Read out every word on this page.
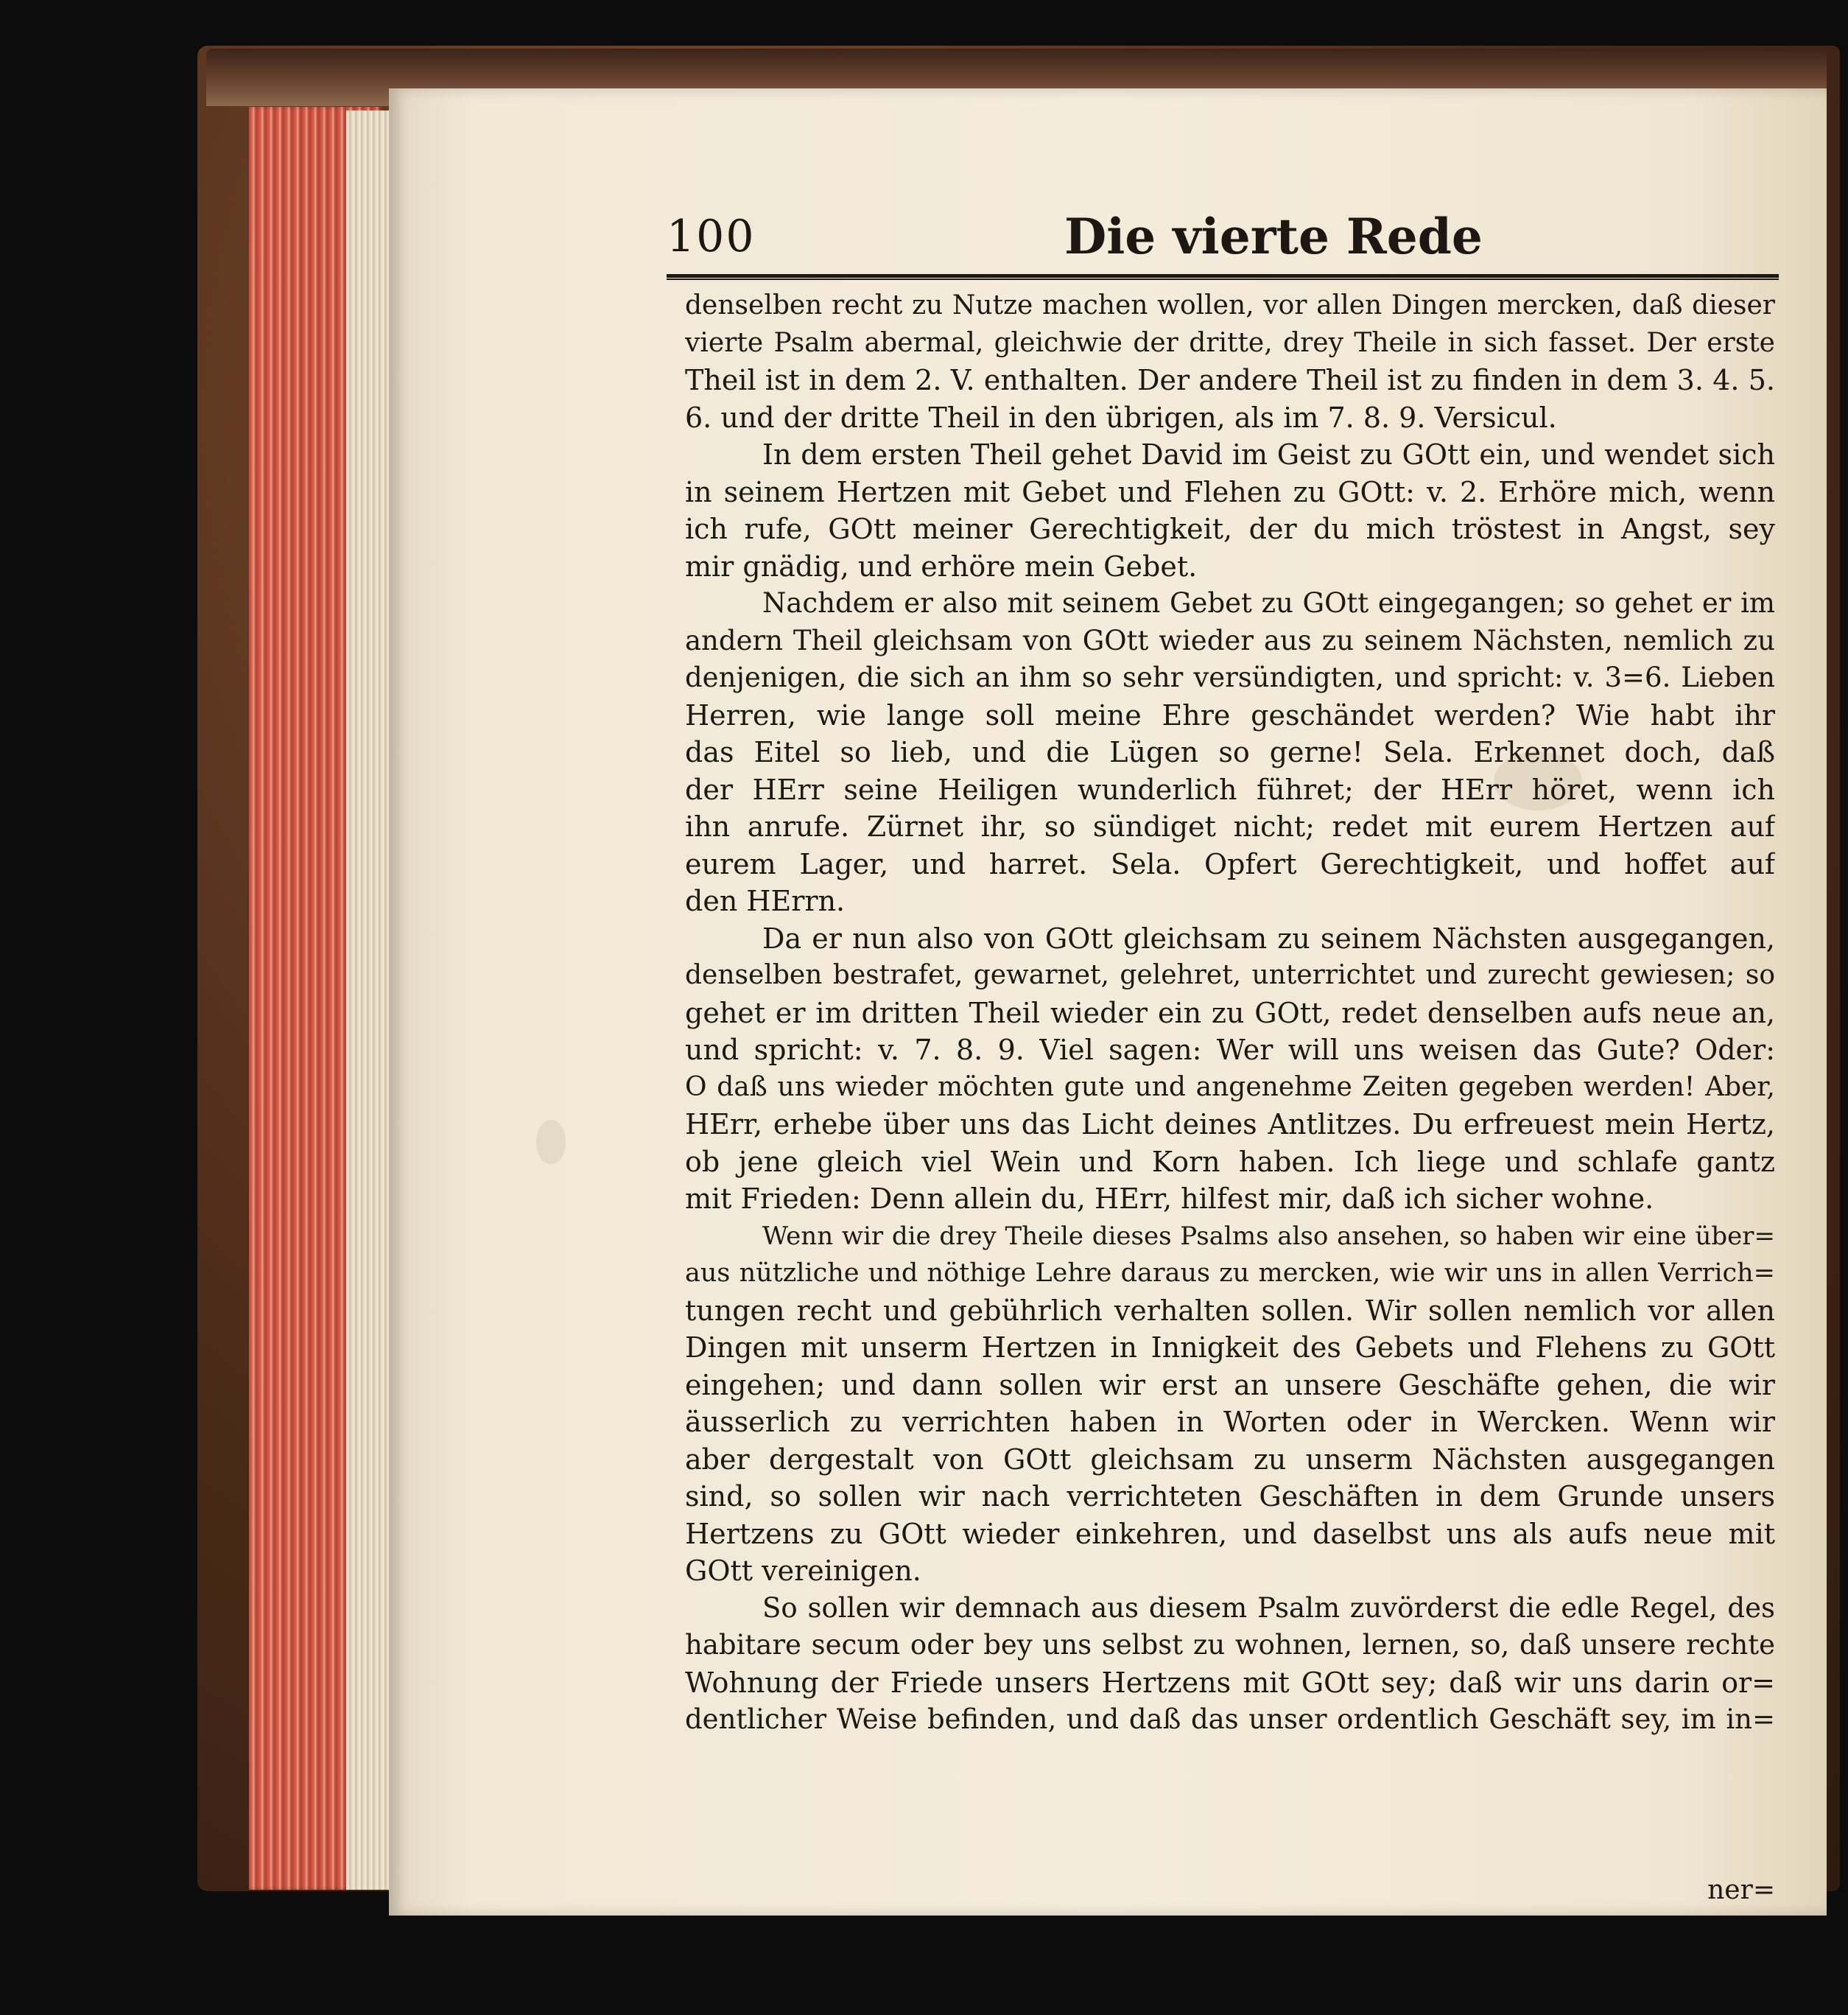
100	Die vierte Rede
denselben recht zu Nutze machen wollen, vor allen Dingen mercken, daß dieser
vierte Psalm abermal, gleichwie der dritte, drey Theile in sich fasset. Der erste
Theil ist in dem 2. V. enthalten. Der andere Theil ist zu finden in dem 3. 4. 5.
6. und der dritte Theil in den übrigen, als im 7. 8. 9. Versicul.
In dem ersten Theil gehet David im Geist zu GOtt ein, und wendet sich
in seinem Hertzen mit Gebet und Flehen zu GOtt: v. 2. Erhöre mich, wenn
ich rufe, GOtt meiner Gerechtigkeit, der du mich tröstest in Angst, sey
mir gnädig, und erhöre mein Gebet.
Nachdem er also mit seinem Gebet zu GOtt eingegangen; so gehet er im
andern Theil gleichsam von GOtt wieder aus zu seinem Nächsten, nemlich zu
denjenigen, die sich an ihm so sehr versündigten, und spricht: v. 3=6. Lieben
Herren, wie lange soll meine Ehre geschändet werden? Wie habt ihr
das Eitel so lieb, und die Lügen so gerne! Sela. Erkennet doch, daß
der HErr seine Heiligen wunderlich führet; der HErr höret, wenn ich
ihn anrufe. Zürnet ihr, so sündiget nicht; redet mit eurem Hertzen auf
eurem Lager, und harret. Sela. Opfert Gerechtigkeit, und hoffet auf
den HErrn.
Da er nun also von GOtt gleichsam zu seinem Nächsten ausgegangen,
denselben bestrafet, gewarnet, gelehret, unterrichtet und zurecht gewiesen; so
gehet er im dritten Theil wieder ein zu GOtt, redet denselben aufs neue an,
und spricht: v. 7. 8. 9. Viel sagen: Wer will uns weisen das Gute? Oder:
O daß uns wieder möchten gute und angenehme Zeiten gegeben werden! Aber,
HErr, erhebe über uns das Licht deines Antlitzes. Du erfreuest mein Hertz,
ob jene gleich viel Wein und Korn haben. Ich liege und schlafe gantz
mit Frieden: Denn allein du, HErr, hilfest mir, daß ich sicher wohne.
Wenn wir die drey Theile dieses Psalms also ansehen, so haben wir eine über=
aus nützliche und nöthige Lehre daraus zu mercken, wie wir uns in allen Verrich=
tungen recht und gebührlich verhalten sollen. Wir sollen nemlich vor allen
Dingen mit unserm Hertzen in Innigkeit des Gebets und Flehens zu GOtt
eingehen; und dann sollen wir erst an unsere Geschäfte gehen, die wir
äusserlich zu verrichten haben in Worten oder in Wercken. Wenn wir
aber dergestalt von GOtt gleichsam zu unserm Nächsten ausgegangen
sind, so sollen wir nach verrichteten Geschäften in dem Grunde unsers
Hertzens zu GOtt wieder einkehren, und daselbst uns als aufs neue mit
GOtt vereinigen.
So sollen wir demnach aus diesem Psalm zuvörderst die edle Regel, des
habitare secum oder bey uns selbst zu wohnen, lernen, so, daß unsere rechte
Wohnung der Friede unsers Hertzens mit GOtt sey; daß wir uns darin or=
dentlicher Weise befinden, und daß das unser ordentlich Geschäft sey, im in=
ner=
